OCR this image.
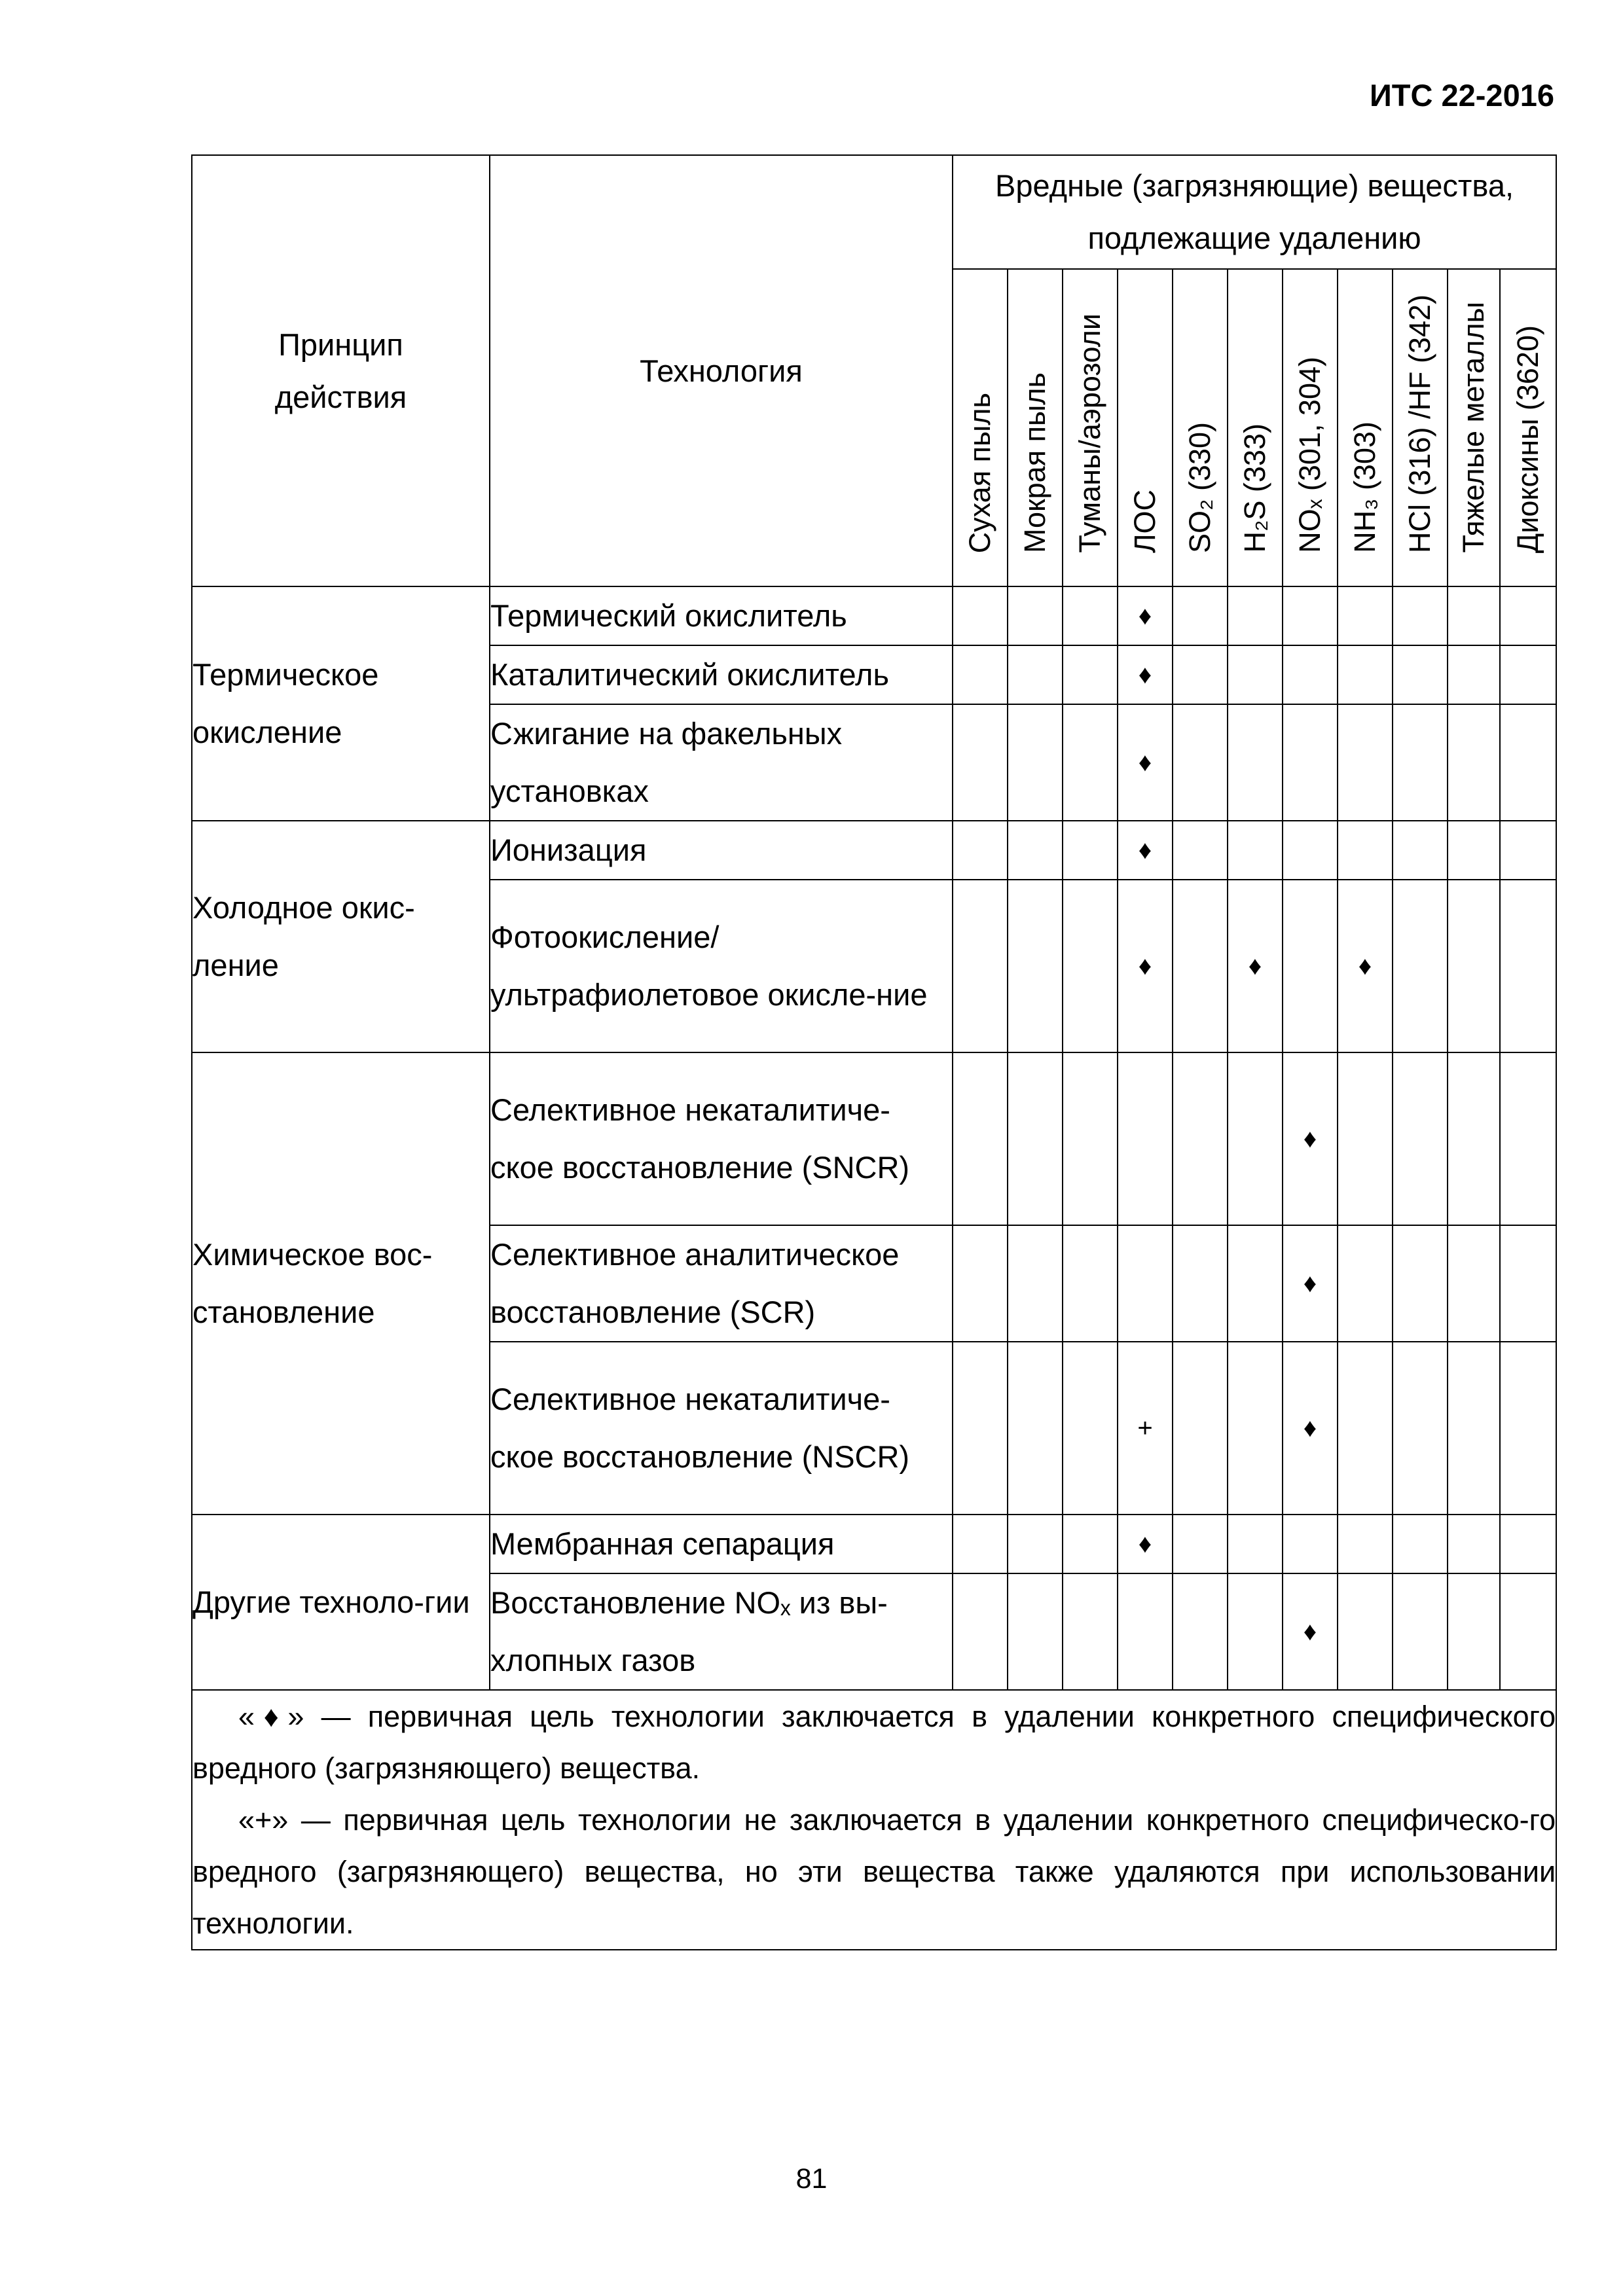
ИТС 22-2016
Принцип действия	Технология	Вредные (загрязняющие) вещества, подлежащие удалению										

		Сухая пыль	Мокрая пыль	Туманы/аэрозоли	ЛОС	SO₂ (330)	H₂S (333)	NOₓ (301, 304)	NH₃ (303)	HCl (316) /HF (342)	Тяжелые металлы	Диоксины (3620)

Термическое окисление	Термический окислитель				♦							
	Каталитический окислитель				♦							
	Сжигание на факельных установках				♦							
Холодное окис-ление	Ионизация				♦							
	Фотоокисление/ ультрафиолетовое окисле-ние				♦		♦		♦			
Химическое вос-становление	Селективное некаталитиче-ское восстановление (SNCR)							♦				
	Селективное аналитическое восстановление (SCR)							♦				
	Селективное некаталитиче-ское восстановление (NSCR)				+			♦				
Другие техноло-гии	Мембранная сепарация				♦							
	Восстановление NOₓ из вы-хлопных газов							♦				

«♦» — первичная цель технологии заключается в удалении конкретного специфического вредного (загрязняющего) вещества.
«+» — первичная цель технологии не заключается в удалении конкретного специфическо-го вредного (загрязняющего) вещества, но эти вещества также удаляются при использовании технологии.												
81
